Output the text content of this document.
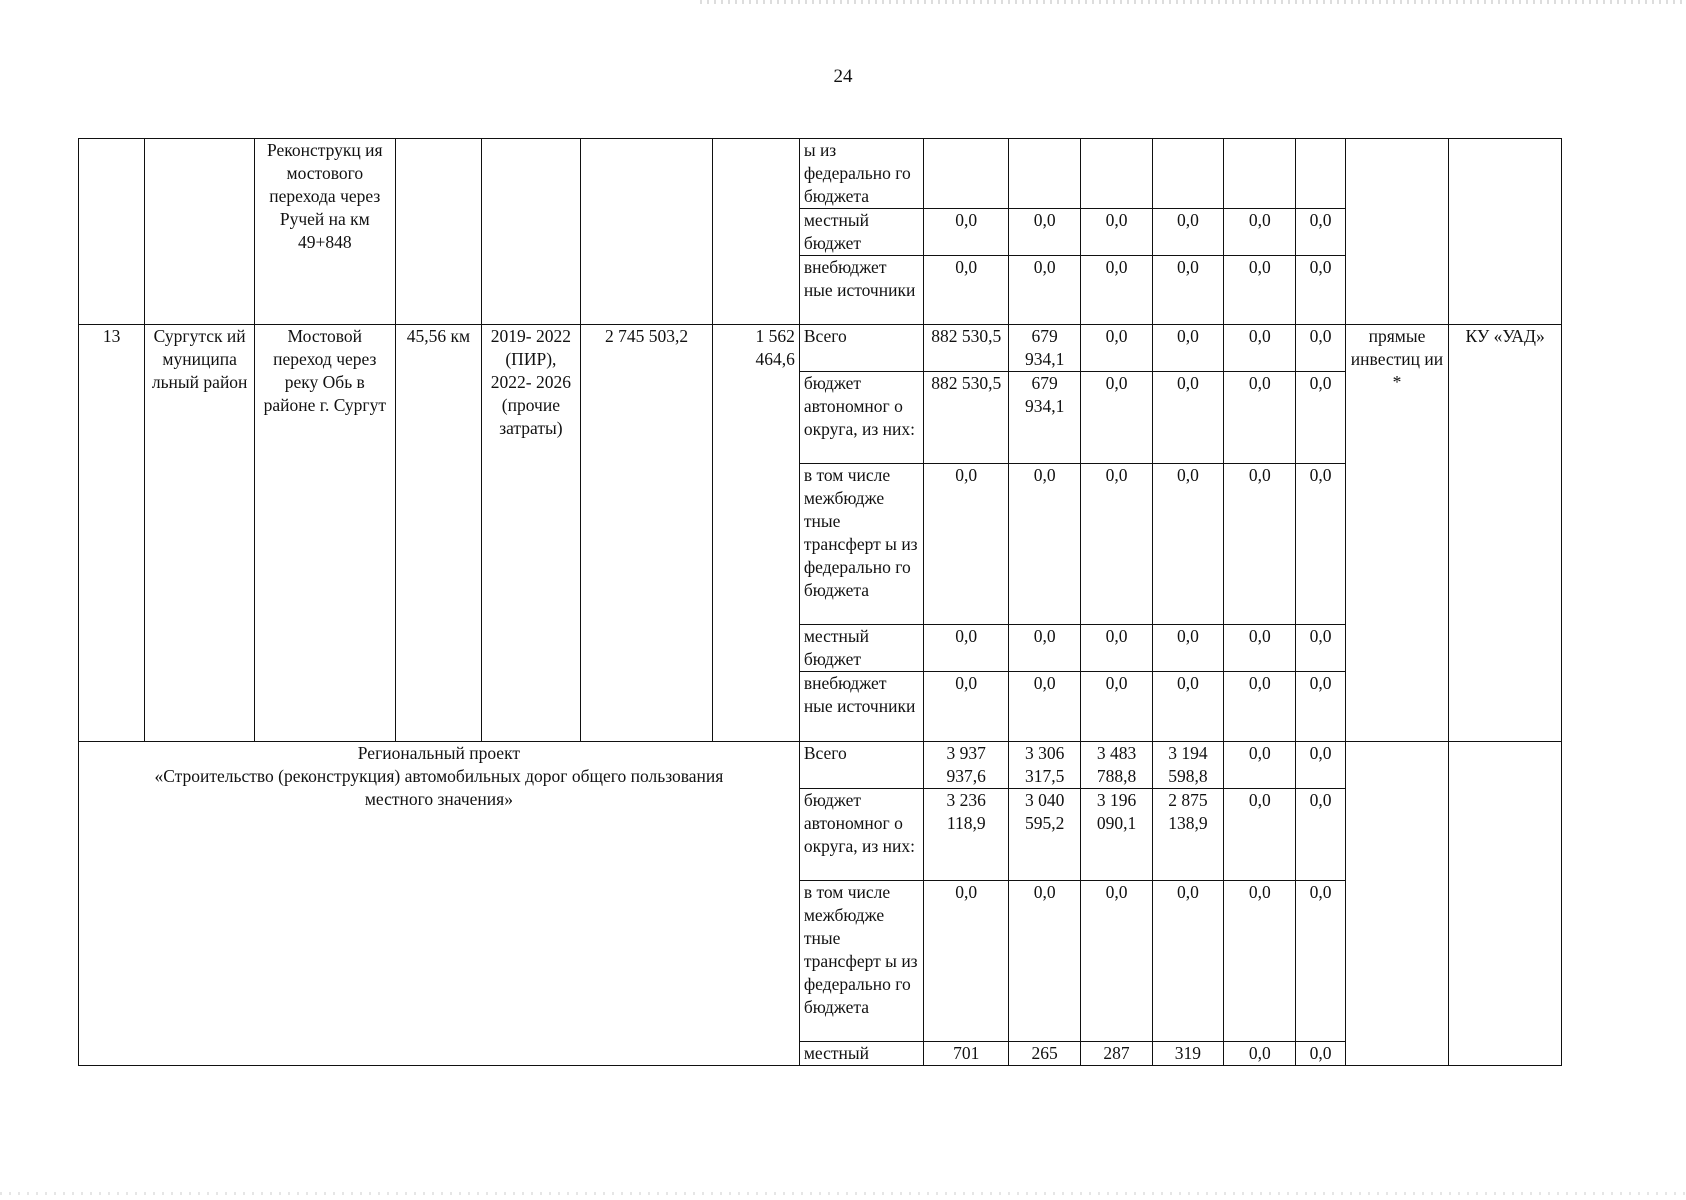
24
		Реконструкц ия мостового перехода через Ручей на км 49+848					ы из федерально го бюджета								
							местный бюджет	0,0	0,0	0,0	0,0	0,0	0,0		
							внебюджет ные источники	0,0	0,0	0,0	0,0	0,0	0,0		
13	Сургутск ий муниципа льный район	Мостовой переход через реку Обь в районе г. Сургут	45,56 км	2019- 2022 (ПИР), 2022- 2026 (прочие затраты)	2 745 503,2	1 562 464,6	Всего	882 530,5	679 934,1	0,0	0,0	0,0	0,0	прямые инвестиц ии *	КУ «УАД»
							бюджет автономног о округа, из них:	882 530,5	679 934,1	0,0	0,0	0,0	0,0		
							в том числе межбюдже тные трансферт ы из федерально го бюджета	0,0	0,0	0,0	0,0	0,0	0,0		
							местный бюджет	0,0	0,0	0,0	0,0	0,0	0,0		
							внебюджет ные источники	0,0	0,0	0,0	0,0	0,0	0,0		

Региональный проект
«Строительство (реконструкция) автомобильных дорог общего пользования
местного значения»							Всего	3 937 937,6	3 306 317,5	3 483 788,8	3 194 598,8	0,0	0,0		
							бюджет автономног о округа, из них:	3 236 118,9	3 040 595,2	3 196 090,1	2 875 138,9	0,0	0,0		
							в том числе межбюдже тные трансферт ы из федерально го бюджета	0,0	0,0	0,0	0,0	0,0	0,0		
							местный	701	265	287	319	0,0	0,0		
